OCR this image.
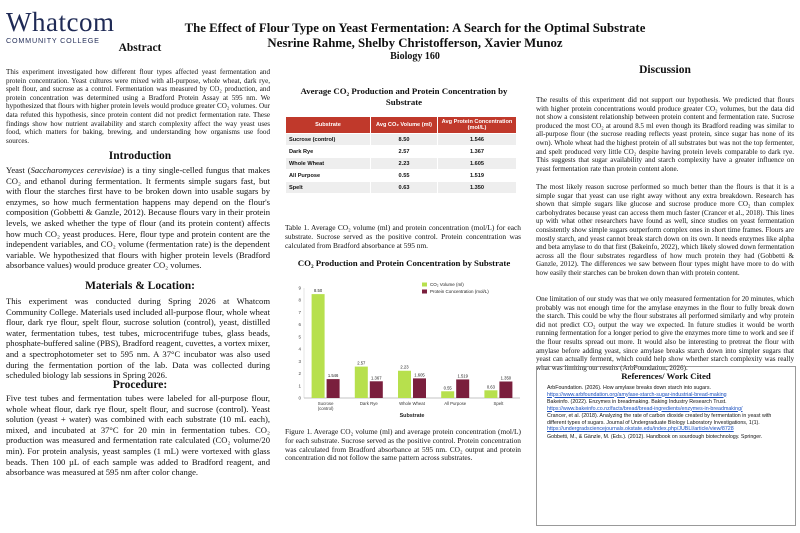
Whatcom
COMMUNITY COLLEGE
The Effect of Flour Type on Yeast Fermentation: A Search for the Optimal Substrate
Nesrine Rahme, Shelby Christofferson, Xavier Munoz
Biology 160
Abstract
This experiment investigated how different flour types affected yeast fermentation and protein concentration. Yeast cultures were mixed with all-purpose, whole wheat, dark rye, spelt flour, and sucrose as a control. Fermentation was measured by CO₂ production, and protein concentration was determined using a Bradford Protein Assay at 595 nm. We hypothesized that flours with higher protein levels would produce greater CO₂ volumes. Our data refuted this hypothesis, since protein content did not predict fermentation rate. These findings show how nutrient availability and starch complexity affect the way yeast uses food, which matters for baking, brewing, and understanding how organisms use food sources.
Introduction
Yeast (Saccharomyces cerevisiae) is a tiny single-celled fungus that makes CO₂ and ethanol during fermentation. It ferments simple sugars fast, but with flour the starches first have to be broken down into usable sugars by enzymes, so how much fermentation happens may depend on the flour's composition (Gobbetti & Ganzle, 2012). Because flours vary in their protein levels, we asked whether the type of flour (and its protein content) affects how much CO₂ yeast produces. Here, flour type and protein content are the independent variables, and CO₂ volume (fermentation rate) is the dependent variable. We hypothesized that flours with higher protein levels (Bradford absorbance values) would produce greater CO₂ volumes.
Materials & Location:
This experiment was conducted during Spring 2026 at Whatcom Community College. Materials used included all-purpose flour, whole wheat flour, dark rye flour, spelt flour, sucrose solution (control), yeast, distilled water, fermentation tubes, test tubes, microcentrifuge tubes, glass beads, phosphate-buffered saline (PBS), Bradford reagent, cuvettes, a vortex mixer, and a spectrophotometer set to 595 nm. A 37°C incubator was also used during the fermentation portion of the lab. Data was collected during scheduled biology lab sessions in Spring 2026.
Procedure:
Five test tubes and fermentation tubes were labeled for all-purpose flour, whole wheat flour, dark rye flour, spelt flour, and sucrose (control). Yeast solution (yeast + water) was combined with each substrate (10 mL each), mixed, and incubated at 37°C for 20 min in fermentation tubes. CO₂ production was measured and fermentation rate calculated (CO₂ volume/20 min). For protein analysis, yeast samples (1 mL) were vortexed with glass beads. Then 100 µL of each sample was added to Bradford reagent, and absorbance was measured at 595 nm after color change.
Average CO₂ Production and Protein Concentration by Substrate
Substrate	Avg CO₂ Volume (ml)	Avg Protein Concentration (mol/L)
Sucrose (control)	8.50	1.546
Dark Rye	2.57	1.367
Whole Wheat	2.23	1.605
All Purpose	0.55	1.519
Spelt	0.63	1.350
Table 1. Average CO₂ volume (ml) and protein concentration (mol/L) for each substrate. Sucrose served as the positive control. Protein concentration was calculated from Bradford absorbance at 595 nm.
CO₂ Production and Protein Concentration by Substrate
0
1
2
3
4
5
6
7
8
9
8.50
1.546
Sucrose
(control)
2.57
1.367
Dark Rye
2.23
1.605
Whole Wheat
0.55
1.519
All Purpose
0.63
1.350
Spelt
Substrate
CO₂ Volume (ml)
Protein Concentration (mol/L)
Figure 1. Average CO₂ volume (ml) and average protein concentration (mol/L) for each substrate. Sucrose served as the positive control. Protein concentration was calculated from Bradford absorbance at 595 nm. CO₂ output and protein concentration did not follow the same pattern across substrates.
Discussion
The results of this experiment did not support our hypothesis. We predicted that flours with higher protein concentrations would produce greater CO₂ volumes, but the data did not show a consistent relationship between protein content and fermentation rate. Sucrose produced the most CO₂ at around 8.5 ml even though its Bradford reading was similar to all-purpose flour (the sucrose reading reflects yeast protein, since sugar has none of its own). Whole wheat had the highest protein of all substrates but was not the top fermenter, and spelt produced very little CO₂ despite having protein levels comparable to dark rye. This suggests that sugar availability and starch complexity have a greater influence on yeast fermentation rate than protein content alone.
The most likely reason sucrose performed so much better than the flours is that it is a simple sugar that yeast can use right away without any extra breakdown. Research has shown that simple sugars like glucose and sucrose produce more CO₂ than complex carbohydrates because yeast can access them much faster (Crancer et al., 2018). This lines up with what other researchers have found as well, since studies on yeast fermentation consistently show simple sugars outperform complex ones in short time frames. Flours are mostly starch, and yeast cannot break starch down on its own. It needs enzymes like alpha and beta amylase to do that first (Bakeinfo, 2022), which likely slowed down fermentation across all the flour substrates regardless of how much protein they had (Gobbetti & Ganzle, 2012). The differences we saw between flour types might have more to do with how easily their starches can be broken down than with protein content.
One limitation of our study was that we only measured fermentation for 20 minutes, which probably was not enough time for the amylase enzymes in the flour to fully break down the starch. This could be why the flour substrates all performed similarly and why protein did not predict CO₂ output the way we expected. In future studies it would be worth running fermentation for a longer period to give the enzymes more time to work and see if the flour results spread out more. It would also be interesting to pretreat the flour with amylase before adding yeast, since amylase breaks starch down into simpler sugars that yeast can actually ferment, which could help show whether starch complexity was really what was limiting our results (ArbFoundation, 2026).
References/ Work Cited
ArbFoundation. (2026). How amylase breaks down starch into sugars. https://www.arbfoundation.org/amylase-starch-sugar-industrial-bread-making
Bakeinfo. (2022). Enzymes in breadmaking. Baking Industry Research Trust. https://www.bakeinfo.co.nz/facts/bread/bread-ingredients/enzymes-in-breadmaking/
Crancer, et al. (2018). Analyzing the rate of carbon dioxide created by fermentation in yeast with different types of sugars. Journal of Undergraduate Biology Laboratory Investigations, 1(1). https://undergradsciencejournals.okstate.edu/index.php/JUBLI/article/view/8728
Gobbetti, M., & Gänzle, M. (Eds.). (2012). Handbook on sourdough biotechnology. Springer.
